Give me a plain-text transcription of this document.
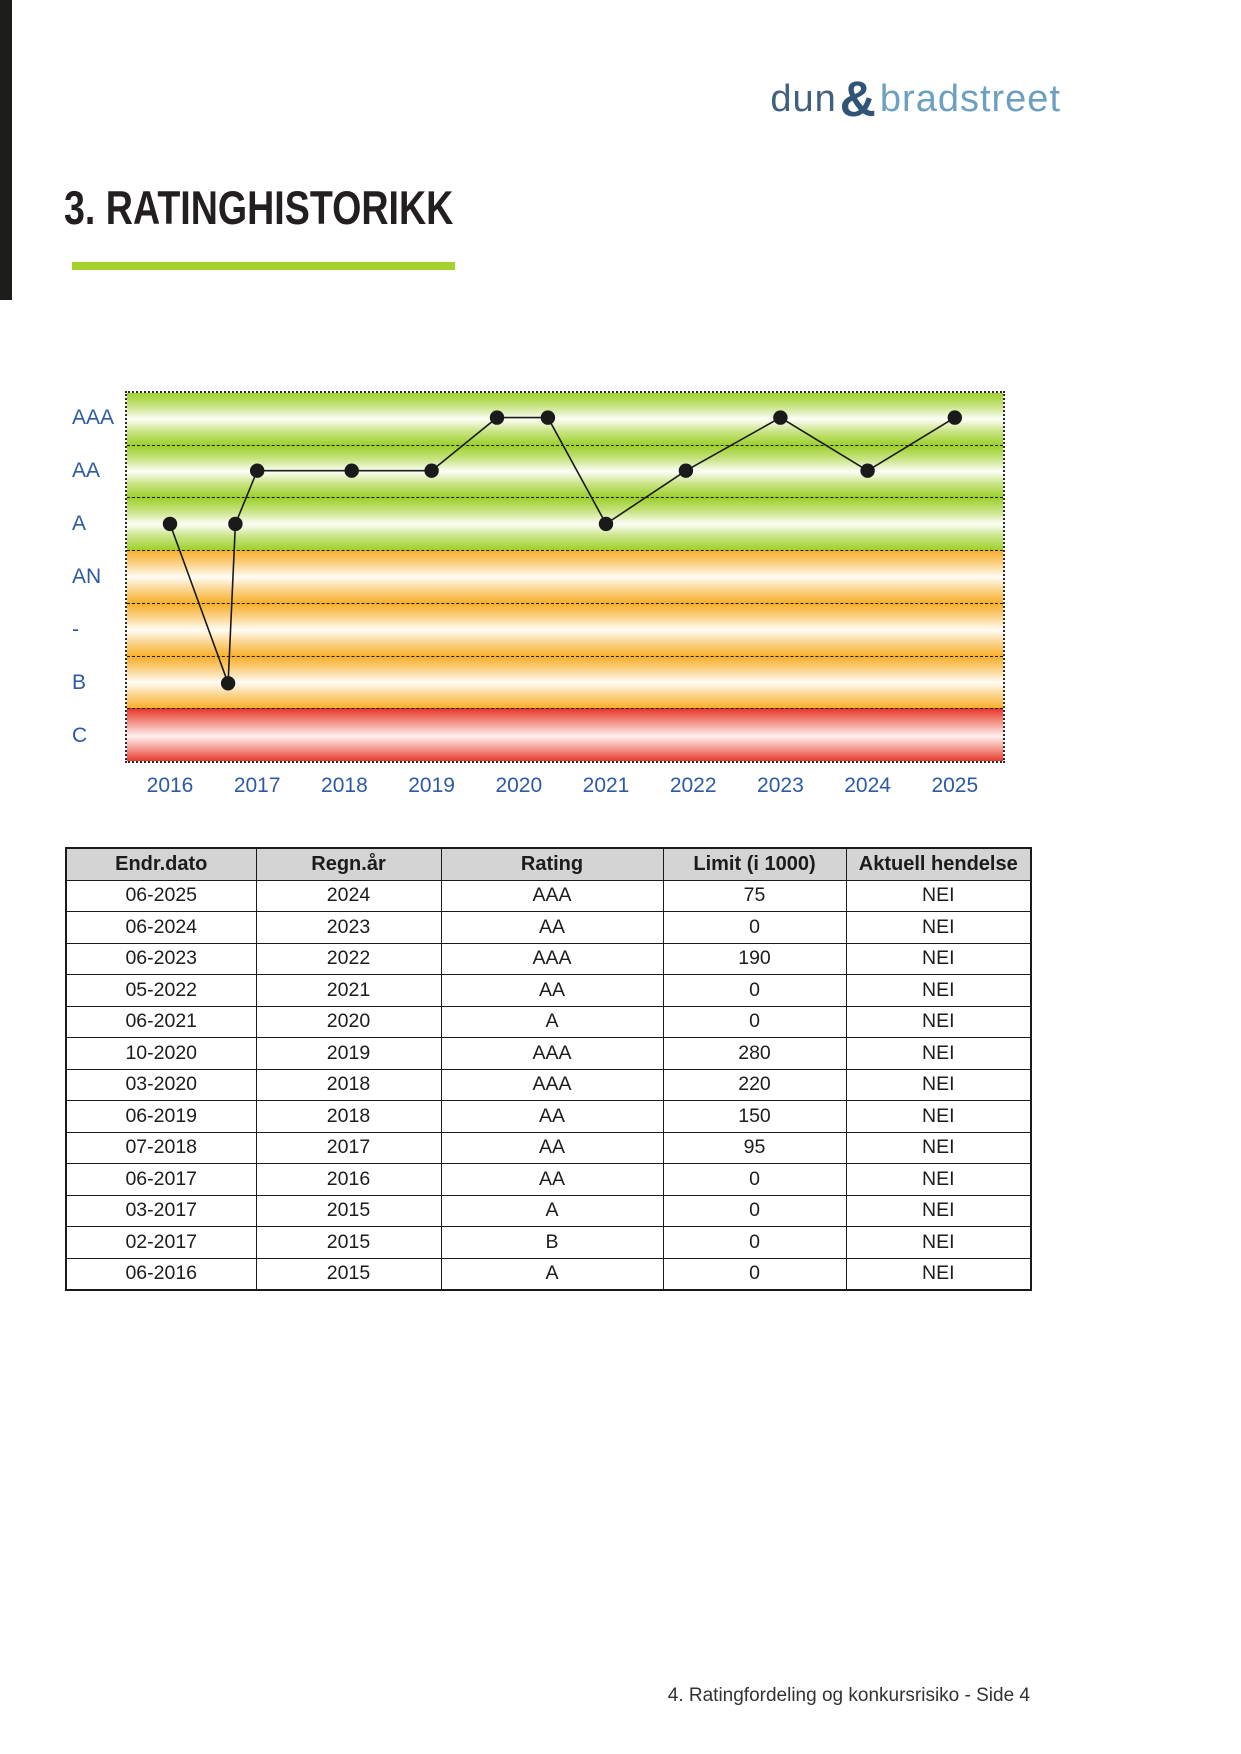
dun&bradstreet
3. RATINGHISTORIKK
AAA
AA
A
AN
-
B
C
2016	2017	2018	2019	2020	2021	2022	2023	2024	2025
Endr.dato	Regn.år	Rating	Limit (i 1000)	Aktuell hendelse
06-2025	2024	AAA	75	NEI
06-2024	2023	AA	0	NEI
06-2023	2022	AAA	190	NEI
05-2022	2021	AA	0	NEI
06-2021	2020	A	0	NEI
10-2020	2019	AAA	280	NEI
03-2020	2018	AAA	220	NEI
06-2019	2018	AA	150	NEI
07-2018	2017	AA	95	NEI
06-2017	2016	AA	0	NEI
03-2017	2015	A	0	NEI
02-2017	2015	B	0	NEI
06-2016	2015	A	0	NEI
4. Ratingfordeling og konkursrisiko - Side 4
